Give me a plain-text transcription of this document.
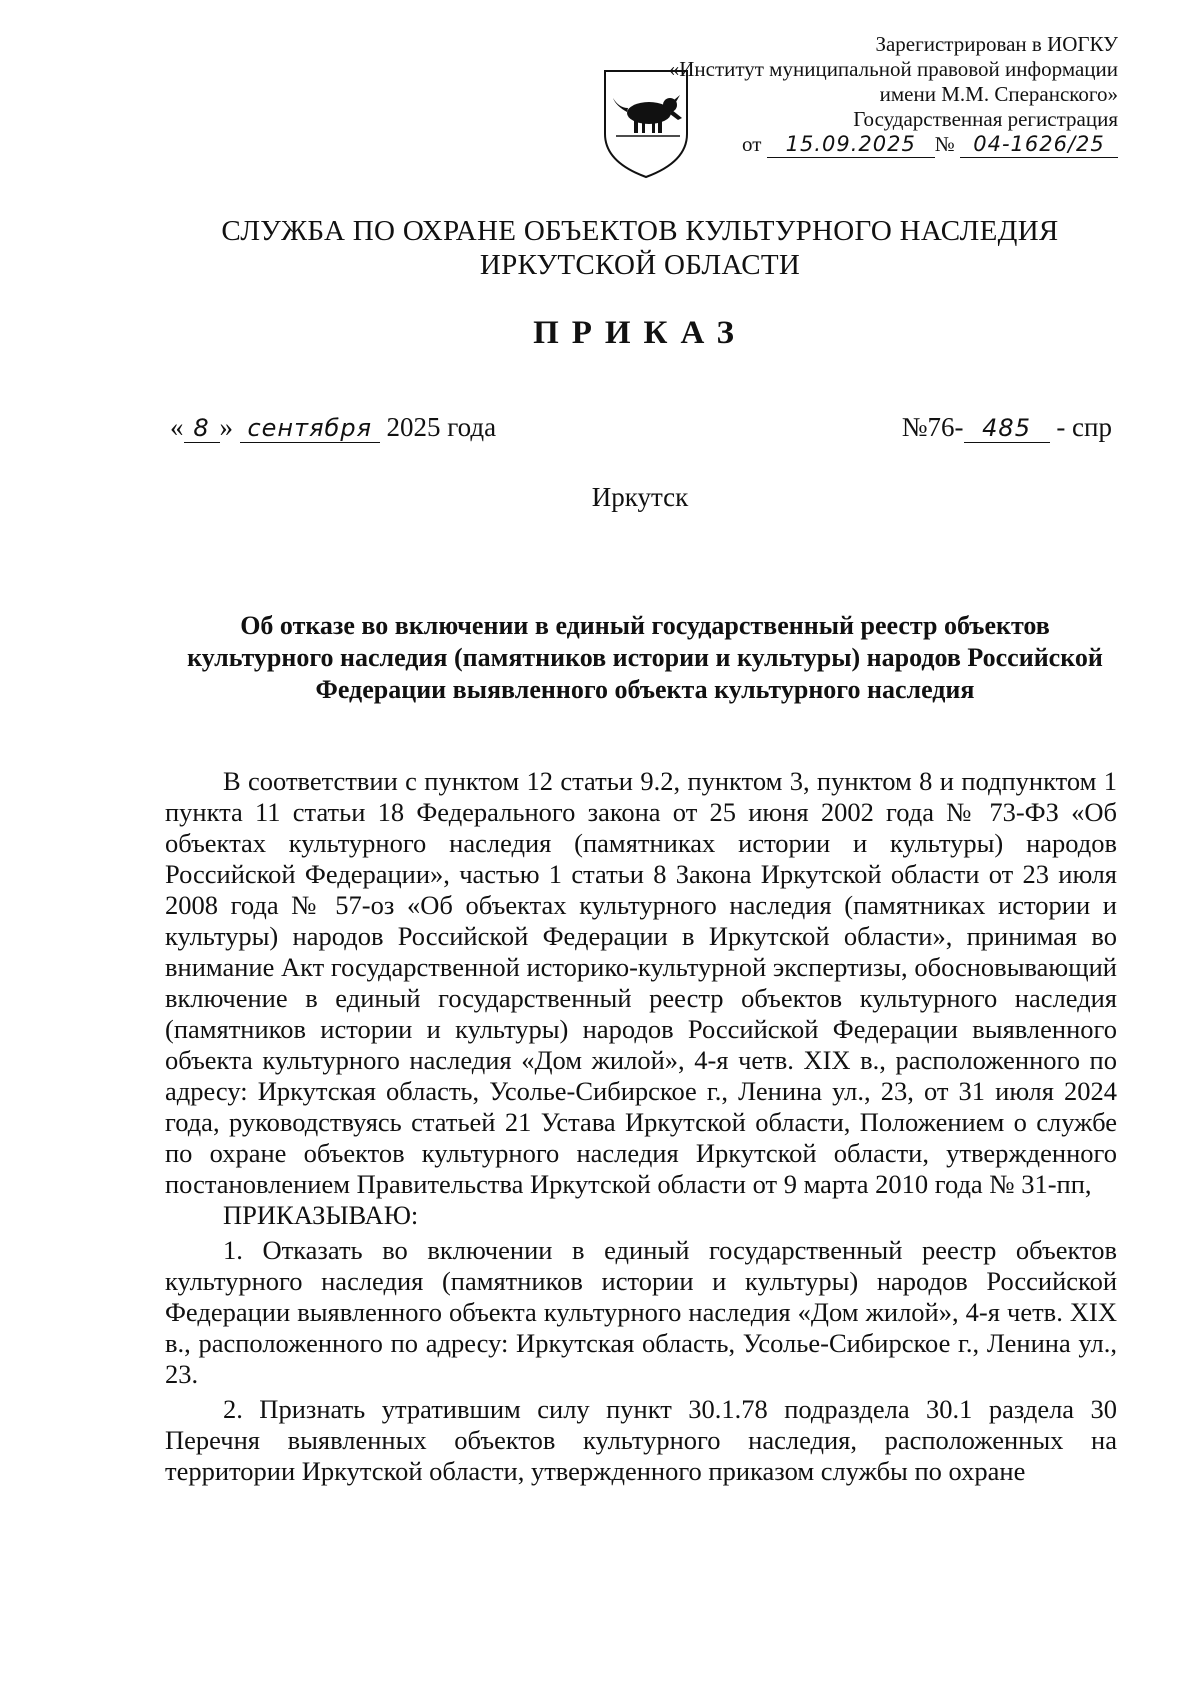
Зарегистрирован в ИОГКУ
«Институт муниципальной правовой информации
имени М.М. Сперанского»
Государственная регистрация
от 15.09.2025 № 04-1626/25
СЛУЖБА ПО ОХРАНЕ ОБЪЕКТОВ КУЛЬТУРНОГО НАСЛЕДИЯ
ИРКУТСКОЙ ОБЛАСТИ
ПРИКАЗ
« 8 » сентября 2025 года	№76- 485 - спр
Иркутск
Об отказе во включении в единый государственный реестр объектов культурного наследия (памятников истории и культуры) народов Российской Федерации выявленного объекта культурного наследия

В соответствии с пунктом 12 статьи 9.2, пунктом 3, пунктом 8 и подпунктом 1 пункта 11 статьи 18 Федерального закона от 25 июня 2002 года № 73-ФЗ «Об объектах культурного наследия (памятниках истории и культуры) народов Российской Федерации», частью 1 статьи 8 Закона Иркутской области от 23 июля 2008 года № 57-оз «Об объектах культурного наследия (памятниках истории и культуры) народов Российской Федерации в Иркутской области», принимая во внимание Акт государственной историко-культурной экспертизы, обосновывающий включение в единый государственный реестр объектов культурного наследия (памятников истории и культуры) народов Российской Федерации выявленного объекта культурного наследия «Дом жилой», 4-я четв. XIX в., расположенного по адресу: Иркутская область, Усолье-Сибирское г., Ленина ул., 23, от 31 июля 2024 года, руководствуясь статьей 21 Устава Иркутской области, Положением о службе по охране объектов культурного наследия Иркутской области, утвержденного постановлением Правительства Иркутской области от 9 марта 2010 года № 31-пп,

ПРИКАЗЫВАЮ:

1. Отказать во включении в единый государственный реестр объектов культурного наследия (памятников истории и культуры) народов Российской Федерации выявленного объекта культурного наследия «Дом жилой», 4-я четв. XIX в., расположенного по адресу: Иркутская область, Усолье-Сибирское г., Ленина ул., 23.

2. Признать утратившим силу пункт 30.1.78 подраздела 30.1 раздела 30 Перечня выявленных объектов культурного наследия, расположенных на территории Иркутской области, утвержденного приказом службы по охране
